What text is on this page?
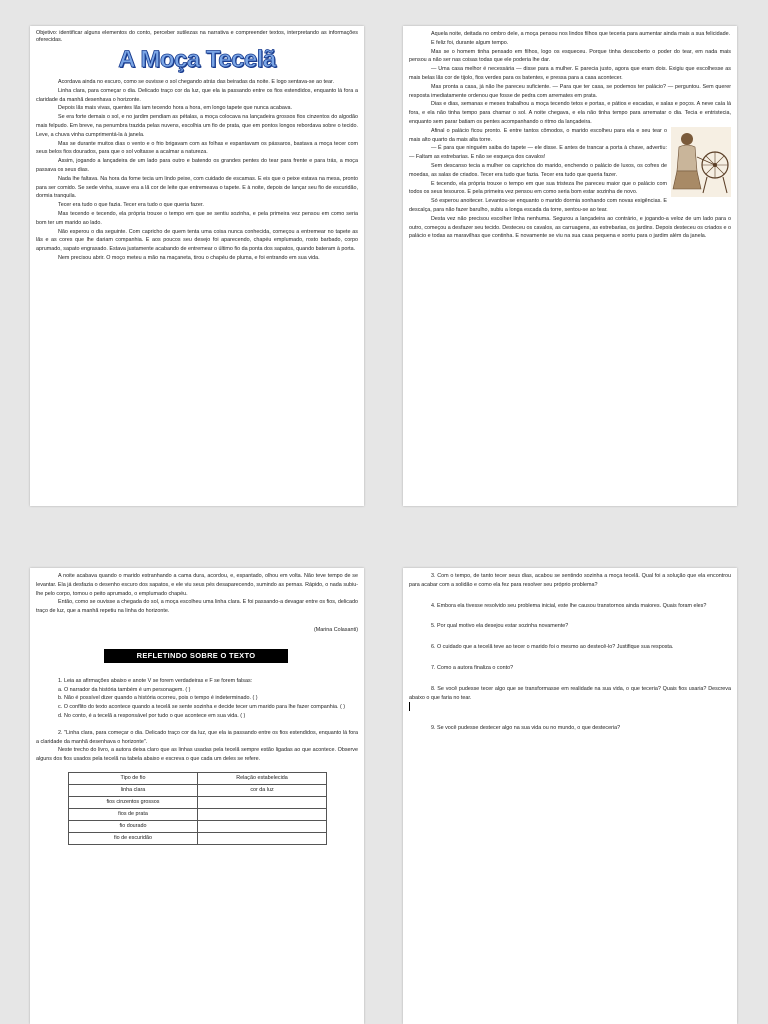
Objetivo: identificar alguns elementos do conto, perceber sutilezas na narrativa e compreender textos, interpretando as informações oferecidas.

A Moça Tecelã

Acordava ainda no escuro, como se ouvisse o sol chegando atrás das beiradas da noite. E logo sentava-se ao tear.

Linha clara, para começar o dia. Delicado traço cor da luz, que ela ia passando entre os fios estendidos, enquanto lá fora a claridade da manhã desenhava o horizonte.

Depois lãs mais vivas, quentes lãs iam tecendo hora a hora, em longo tapete que nunca acabava.

Se era forte demais o sol, e no jardim pendiam as pétalas, a moça colocava na lançadeira grossos fios cinzentos do algodão mais felpudo. Em breve, na penumbra trazida pelas nuvens, escolhia um fio de prata, que em pontos longos rebordava sobre o tecido. Leve, a chuva vinha cumprimentá-la à janela.

Mas se durante muitos dias o vento e o frio brigavam com as folhas e espantavam os pássaros, bastava a moça tecer com seus belos fios dourados, para que o sol voltasse a acalmar a natureza.

Assim, jogando a lançadeira de um lado para outro e batendo os grandes pentes do tear para frente e para trás, a moça passava os seus dias.

Nada lhe faltava. Na hora da fome tecia um lindo peixe, com cuidado de escamas. E eis que o peixe estava na mesa, pronto para ser comido. Se sede vinha, suave era a lã cor de leite que entremeava o tapete. E à noite, depois de lançar seu fio de escuridão, dormia tranquila.

Tecer era tudo o que fazia. Tecer era tudo o que queria fazer.

Mas tecendo e tecendo, ela própria trouxe o tempo em que se sentiu sozinha, e pela primeira vez pensou em como seria bom ter um marido ao lado.

Não esperou o dia seguinte. Com capricho de quem tenta uma coisa nunca conhecida, começou a entremear no tapete as lãs e as cores que lhe dariam companhia. E aos poucos seu desejo foi aparecendo, chapéu emplumado, rosto barbado, corpo aprumado, sapato engraxado. Estava justamente acabando de entremear o último fio da ponta dos sapatos, quando bateram à porta.

Nem precisou abrir. O moço meteu a mão na maçaneta, tirou o chapéu de pluma, e foi entrando em sua vida.

Aquela noite, deitada no ombro dele, a moça pensou nos lindos filhos que teceria para aumentar ainda mais a sua felicidade.

E feliz foi, durante algum tempo.

Mas se o homem tinha pensado em filhos, logo os esqueceu. Porque tinha descoberto o poder do tear, em nada mais pensou a não ser nas coisas todas que ele poderia lhe dar.

— Uma casa melhor é necessária — disse para a mulher. E parecia justo, agora que eram dois. Exigiu que escolhesse as mais belas lãs cor de tijolo, fios verdes para os batentes, e pressa para a casa acontecer.

Mas pronta a casa, já não lhe pareceu suficiente. — Para que ter casa, se podemos ter palácio? — perguntou. Sem querer resposta imediatamente ordenou que fosse de pedra com arremates em prata.

Dias e dias, semanas e meses trabalhou a moça tecendo tetos e portas, e pátios e escadas, e salas e poços. A neve caía lá fora, e ela não tinha tempo para chamar o sol. A noite chegava, e ela não tinha tempo para arrematar o dia. Tecia e entristecia, enquanto sem parar batiam os pentes acompanhando o ritmo da lançadeira.

Afinal o palácio ficou pronto. E entre tantos cômodos, o marido escolheu para ela e seu tear o mais alto quarto da mais alta torre.

— É para que ninguém saiba do tapete — ele disse. E antes de trancar a porta à chave, advertiu: — Faltam as estrebarias. E não se esqueça dos cavalos!

Sem descanso tecia a mulher os caprichos do marido, enchendo o palácio de luxos, os cofres de moedas, as salas de criados. Tecer era tudo que fazia. Tecer era tudo que queria fazer.

E tecendo, ela própria trouxe o tempo em que sua tristeza lhe pareceu maior que o palácio com todos os seus tesouros. E pela primeira vez pensou em como seria bom estar sozinha de novo.

Só esperou anoitecer. Levantou-se enquanto o marido dormia sonhando com novas exigências. E descalça, para não fazer barulho, subiu a longa escada da torre, sentou-se ao tear.

Desta vez não precisou escolher linha nenhuma. Segurou a lançadeira ao contrário, e jogando-a veloz de um lado para o outro, começou a desfazer seu tecido. Desteceu os cavalos, as carruagens, as estrebarias, os jardins. Depois desteceu os criados e o palácio e todas as maravilhas que continha. E novamente se viu na sua casa pequena e sorriu para o jardim além da janela.

A noite acabava quando o marido estranhando a cama dura, acordou, e, espantado, olhou em volta. Não teve tempo de se levantar. Ela já desfazia o desenho escuro dos sapatos, e ele viu seus pés desaparecendo, sumindo as pernas. Rápido, o nada subiu-lhe pelo corpo, tomou o peito aprumado, o emplumado chapéu.

Então, como se ouvisse a chegada do sol, a moça escolheu uma linha clara. E foi passando-a devagar entre os fios, delicado traço de luz, que a manhã repetiu na linha do horizonte.

(Marina Colasanti)

REFLETINDO SOBRE O TEXTO

1. Leia as afirmações abaixo e anote V se forem verdadeiras e F se forem falsas:

a. O narrador da história também é um personagem. ( )

b. Não é possível dizer quando a história ocorreu, pois o tempo é indeterminado. ( )

c. O conflito do texto acontece quando a tecelã se sente sozinha e decide tecer um marido para lhe fazer companhia. ( )

d. No conto, é a tecelã a responsável por tudo o que acontece em sua vida. ( )

2. "Linha clara, para começar o dia. Delicado traço cor da luz, que ela ia passando entre os fios estendidos, enquanto lá fora a claridade da manhã desenhava o horizonte".

Neste trecho do livro, a autora deixa claro que as linhas usadas pela tecelã sempre estão ligadas ao que acontece. Observe alguns dos fios usados pela tecelã na tabela abaixo e escreva o que cada um deles se refere.

Tipo de fio	Relação estabelecida
linha clara	cor da luz
fios cinzentos grossos	
fios de prata	
fio dourado	
fio de escuridão	

3. Com o tempo, de tanto tecer seus dias, acabou se sentindo sozinha a moça tecelã. Qual foi a solução que ela encontrou para acabar com a solidão e como ela fez para resolver seu próprio problema?

4. Embora ela tivesse resolvido seu problema inicial, este lhe causou transtornos ainda maiores. Quais foram eles?

5. Por qual motivo ela desejou estar sozinha novamente?

6. O cuidado que a tecelã teve ao tecer o marido foi o mesmo ao destecê-lo? Justifique sua resposta.

7. Como a autora finaliza o conto?

8. Se você pudesse tecer algo que se transformasse em realidade na sua vida, o que teceria? Quais fios usaria? Descreva abaixo o que faria no tear.

9. Se você pudesse destecer algo na sua vida ou no mundo, o que desteceria?
